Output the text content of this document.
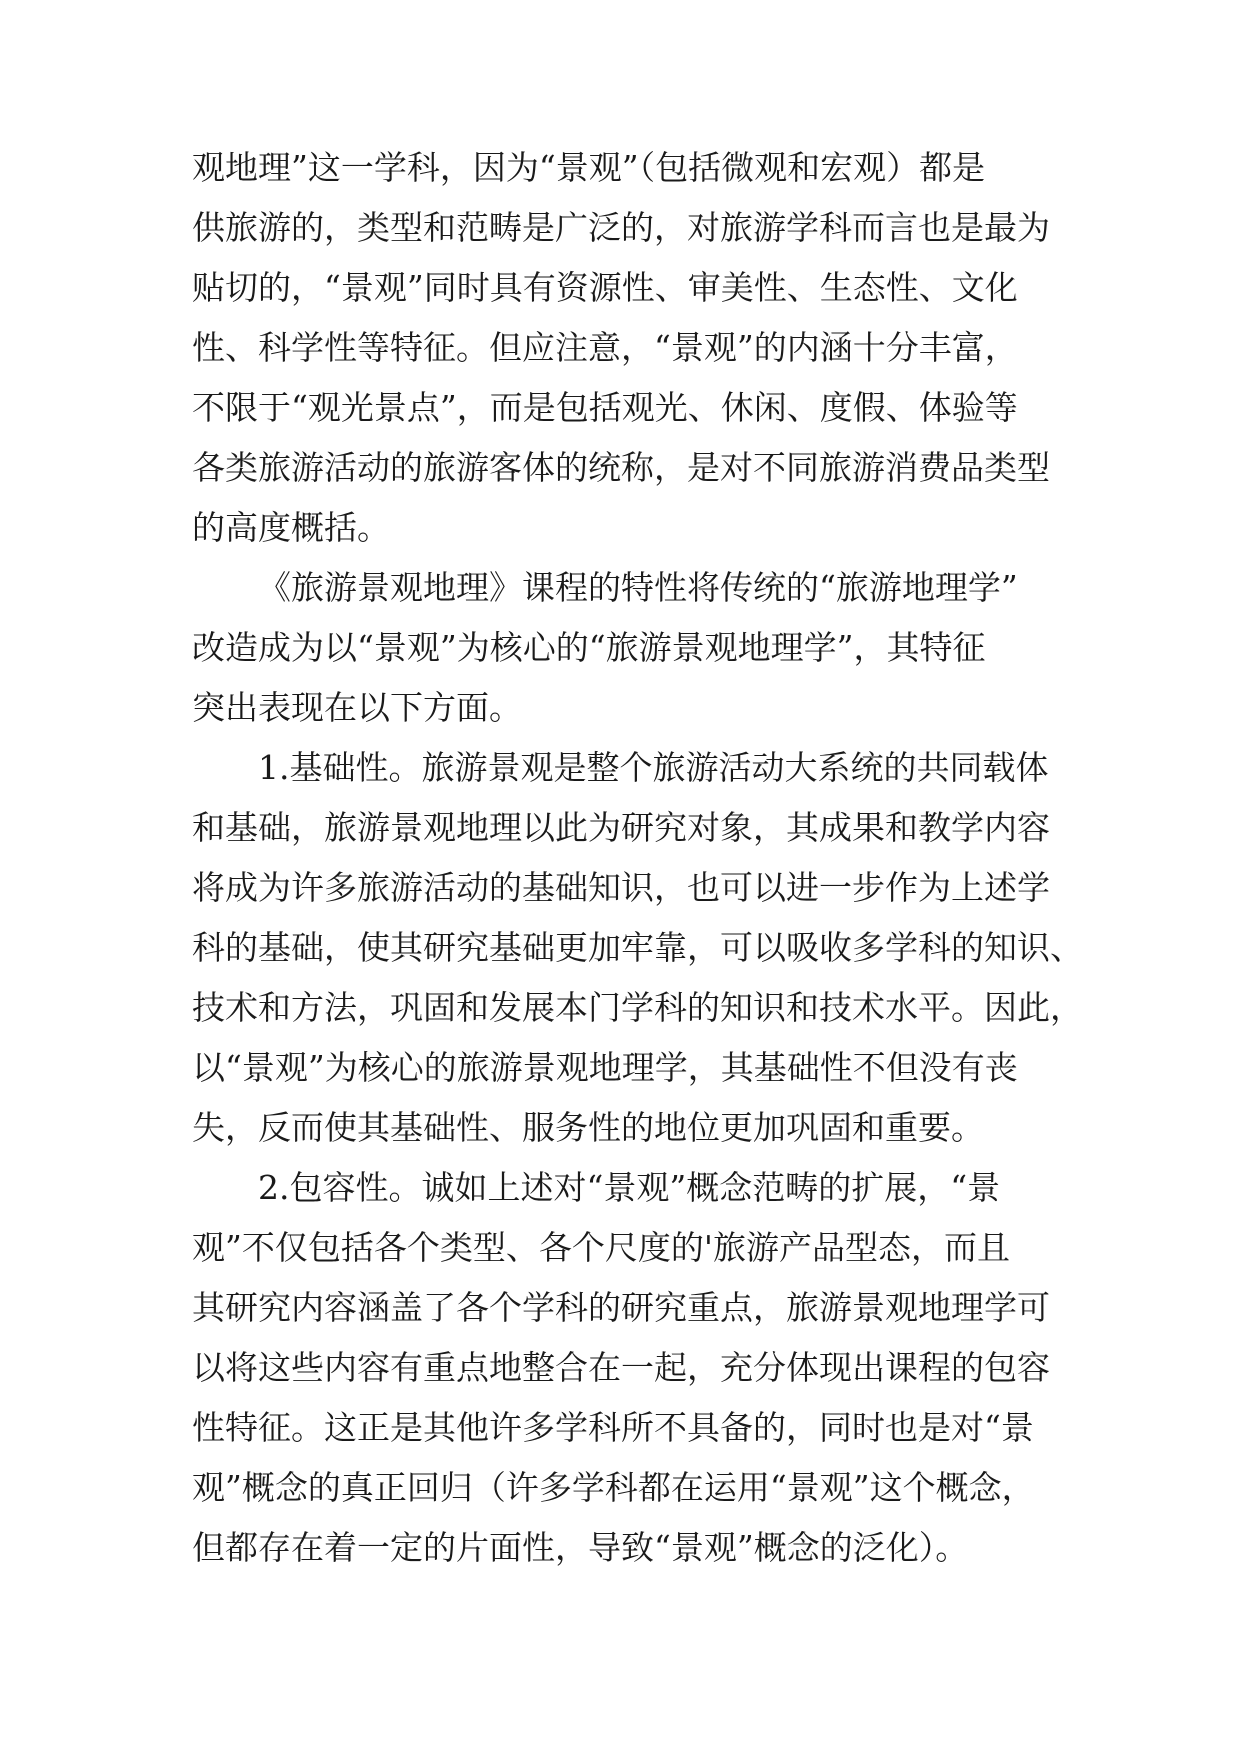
观地理”这一学科，因为“景观”（包括微观和宏观）都是

供旅游的，类型和范畴是广泛的，对旅游学科而言也是最为

贴切的，“景观”同时具有资源性、审美性、生态性、文化

性、科学性等特征。但应注意，“景观”的内涵十分丰富，

不限于“观光景点”，而是包括观光、休闲、度假、体验等

各类旅游活动的旅游客体的统称，是对不同旅游消费品类型

的高度概括。

《旅游景观地理》课程的特性将传统的“旅游地理学”

改造成为以“景观”为核心的“旅游景观地理学”，其特征

突出表现在以下方面。

1.基础性。旅游景观是整个旅游活动大系统的共同载体

和基础，旅游景观地理以此为研究对象，其成果和教学内容

将成为许多旅游活动的基础知识，也可以进一步作为上述学

科的基础，使其研究基础更加牢靠，可以吸收多学科的知识、

技术和方法，巩固和发展本门学科的知识和技术水平。因此，

以“景观”为核心的旅游景观地理学，其基础性不但没有丧

失，反而使其基础性、服务性的地位更加巩固和重要。

2.包容性。诚如上述对“景观”概念范畴的扩展，“景

观”不仅包括各个类型、各个尺度的'旅游产品型态，而且

其研究内容涵盖了各个学科的研究重点，旅游景观地理学可

以将这些内容有重点地整合在一起，充分体现出课程的包容

性特征。这正是其他许多学科所不具备的，同时也是对“景

观”概念的真正回归（许多学科都在运用“景观”这个概念，

但都存在着一定的片面性，导致“景观”概念的泛化）。
